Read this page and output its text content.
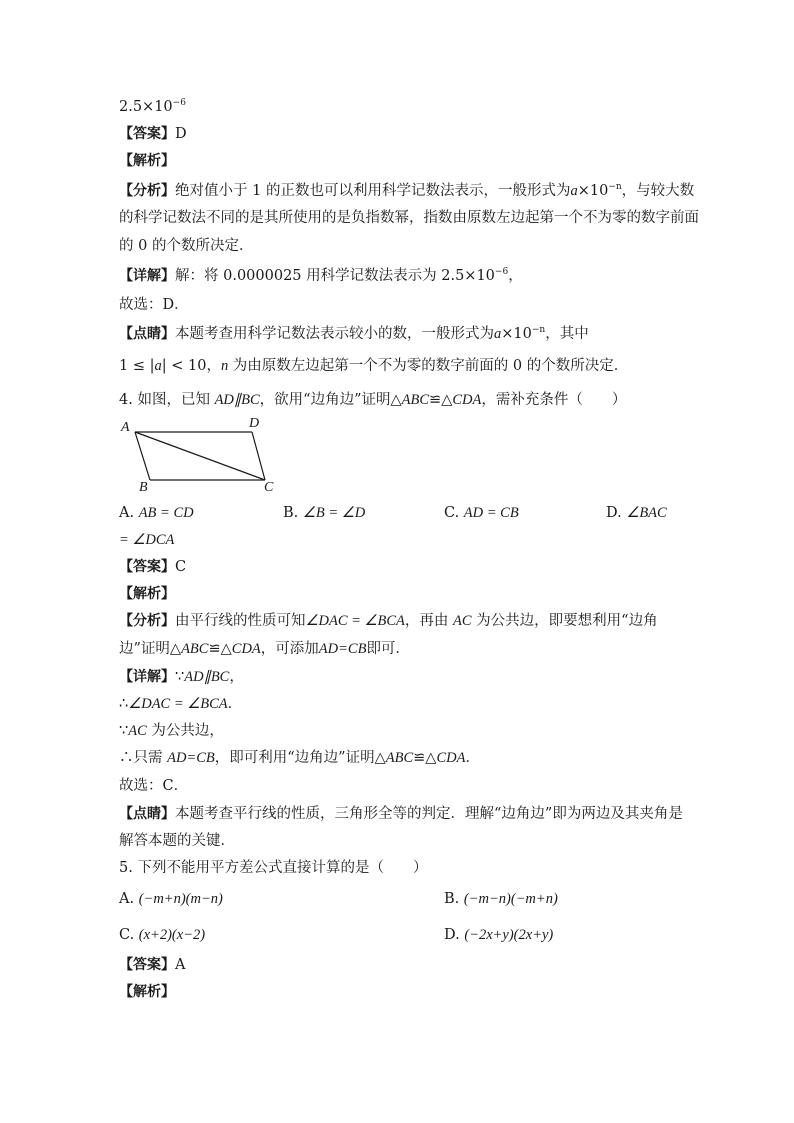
$2.5\times 10^{-6}$
【答案】D
【解析】
【分析】绝对值小于 1 的正数也可以利用科学记数法表示，一般形式为$a\times 10^{-n}$，与较大数
的科学记数法不同的是其所使用的是负指数幂，指数由原数左边起第一个不为零的数字前面
的 0 的个数所决定．
【详解】解：将 0.0000025 用科学记数法表示为 $2.5\times 10^{-6}$，
故选：D．
【点睛】本题考查用科学记数法表示较小的数，一般形式为$a\times 10^{-n}$，其中
1 ≤ |a| < 10，n 为由原数左边起第一个不为零的数字前面的 0 的个数所决定．
4. 如图，已知 AD∥BC，欲用“边角边”证明△ABC≌△CDA，需补充条件（　　）
A	D
B	C
A. AB = CD	B. ∠B = ∠D	C. AD = CB	D. ∠BAC
= ∠DCA
【答案】C
【解析】
【分析】由平行线的性质可知∠DAC = ∠BCA，再由 AC 为公共边，即要想利用“边角
边”证明△ABC≌△CDA，可添加AD=CB即可．
【详解】∵AD∥BC，
∴∠DAC = ∠BCA．
∵AC 为公共边，
∴只需 AD=CB，即可利用“边角边”证明△ABC≌△CDA．
故选：C．
【点睛】本题考查平行线的性质，三角形全等的判定．理解“边角边”即为两边及其夹角是
解答本题的关键．
5. 下列不能用平方差公式直接计算的是（　　）
A. (−m+n)(m−n)	B. (−m−n)(−m+n)
C. (x+2)(x−2)	D. (−2x+y)(2x+y)
【答案】A
【解析】
